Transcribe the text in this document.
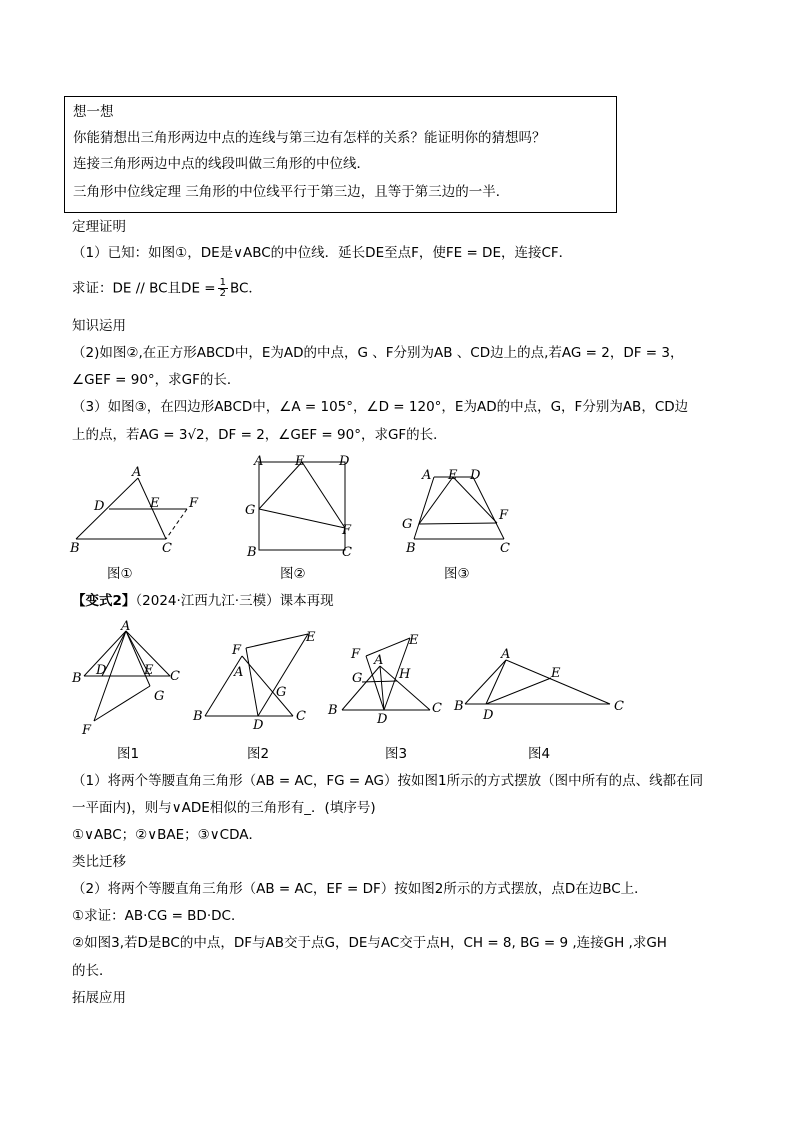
想一想
你能猜想出三角形两边中点的连线与第三边有怎样的关系？能证明你的猜想吗？
连接三角形两边中点的线段叫做三角形的中位线．
三角形中位线定理 三角形的中位线平行于第三边，且等于第三边的一半．
定理证明
（1）已知：如图①，DE是∨ABC的中位线．延长DE至点F，使FE = DE，连接CF．
求证：DE // BC且DE = $\frac{1}{2}$ BC．
知识运用
（2)如图②,在正方形ABCD中，E为AD的中点，G 、F分别为AB 、CD边上的点,若AG = 2，DF = 3，
∠GEF = 90°，求GF的长．
（3）如图③，在四边形ABCD中，∠A = 105°，∠D = 120°，E为AD的中点，G，F分别为AB，CD边
上的点，若AG = 3√2，DF = 2，∠GEF = 90°，求GF的长．
A
D	E F
B	C
图①
A E	D
G
F
B	C
图②
A E D
G
F
B	C
图③
【变式2】（2024·江西九江·三模）课本再现
A
B
D	E C
F
G
图1
F
E
A
G
B
D
C
图2
F
E
A
G	H
B
D
C
图3
A
E
B
D
C
图4
（1）将两个等腰直角三角形（AB = AC，FG = AG）按如图1所示的方式摆放（图中所有的点、线都在同
一平面内)，则与∨ADE相似的三角形有_．(填序号)
①∨ABC；②∨BAE；③∨CDA．
类比迁移
（2）将两个等腰直角三角形（AB = AC，EF = DF）按如图2所示的方式摆放，点D在边BC上．
①求证：AB·CG = BD·DC．
②如图3,若D是BC的中点，DF与AB交于点G，DE与AC交于点H，CH = 8, BG = 9 ,连接GH ,求GH
的长．
拓展应用
